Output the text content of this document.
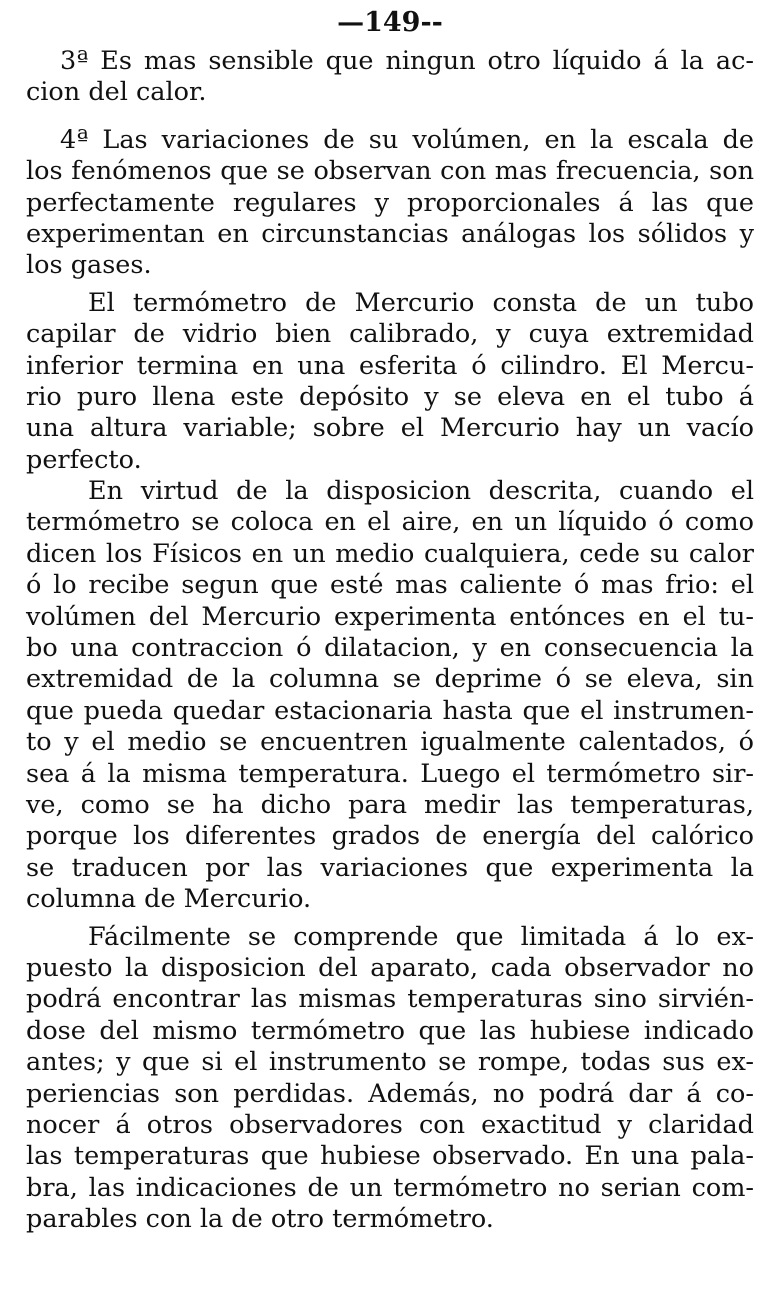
—149--
3ª Es mas sensible que ningun otro líquido á la ac-
cion del calor.
4ª Las variaciones de su volúmen, en la escala de
los fenómenos que se observan con mas frecuencia, son
perfectamente regulares y proporcionales á las que
experimentan en circunstancias análogas los sólidos y
los gases.
El termómetro de Mercurio consta de un tubo
capilar de vidrio bien calibrado, y cuya extremidad
inferior termina en una esferita ó cilindro. El Mercu-
rio puro llena este depósito y se eleva en el tubo á
una altura variable; sobre el Mercurio hay un vacío
perfecto.
En virtud de la disposicion descrita, cuando el
termómetro se coloca en el aire, en un líquido ó como
dicen los Físicos en un medio cualquiera, cede su calor
ó lo recibe segun que esté mas caliente ó mas frio: el
volúmen del Mercurio experimenta entónces en el tu-
bo una contraccion ó dilatacion, y en consecuencia la
extremidad de la columna se deprime ó se eleva, sin
que pueda quedar estacionaria hasta que el instrumen-
to y el medio se encuentren igualmente calentados, ó
sea á la misma temperatura. Luego el termómetro sir-
ve, como se ha dicho para medir las temperaturas,
porque los diferentes grados de energía del calórico
se traducen por las variaciones que experimenta la
columna de Mercurio.
Fácilmente se comprende que limitada á lo ex-
puesto la disposicion del aparato, cada observador no
podrá encontrar las mismas temperaturas sino sirvién-
dose del mismo termómetro que las hubiese indicado
antes; y que si el instrumento se rompe, todas sus ex-
periencias son perdidas. Además, no podrá dar á co-
nocer á otros observadores con exactitud y claridad
las temperaturas que hubiese observado. En una pala-
bra, las indicaciones de un termómetro no serian com-
parables con la de otro termómetro.
